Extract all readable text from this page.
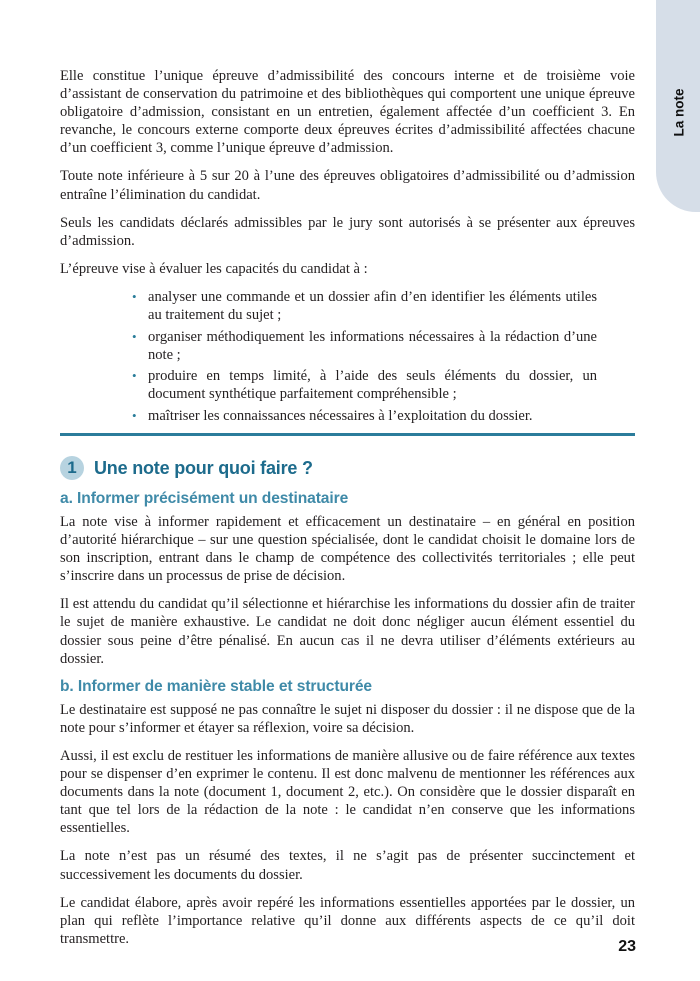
La note

Elle constitue l’unique épreuve d’admissibilité des concours interne et de troisième voie d’assistant de conservation du patrimoine et des bibliothèques qui comportent une unique épreuve obligatoire d’admission, consistant en un entretien, également affectée d’un coefficient 3. En revanche, le concours externe comporte deux épreuves écrites d’admissibilité affectées chacune d’un coefficient 3, comme l’unique épreuve d’admission.

Toute note inférieure à 5 sur 20 à l’une des épreuves obligatoires d’admissibilité ou d’admission entraîne l’élimination du candidat.

Seuls les candidats déclarés admissibles par le jury sont autorisés à se présenter aux épreuves d’admission.

L’épreuve vise à évaluer les capacités du candidat à :

• analyser une commande et un dossier afin d’en identifier les éléments utiles au traitement du sujet ;
• organiser méthodiquement les informations nécessaires à la rédaction d’une note ;
• produire en temps limité, à l’aide des seuls éléments du dossier, un document synthétique parfaitement compréhensible ;
• maîtriser les connaissances nécessaires à l’exploitation du dossier.
1 Une note pour quoi faire ?
a. Informer précisément un destinataire

La note vise à informer rapidement et efficacement un destinataire – en général en position d’autorité hiérarchique – sur une question spécialisée, dont le candidat choisit le domaine lors de son inscription, entrant dans le champ de compétence des collectivités territoriales ; elle peut s’inscrire dans un processus de prise de décision.

Il est attendu du candidat qu’il sélectionne et hiérarchise les informations du dossier afin de traiter le sujet de manière exhaustive. Le candidat ne doit donc négliger aucun élément essentiel du dossier sous peine d’être pénalisé. En aucun cas il ne devra utiliser d’éléments extérieurs au dossier.

b. Informer de manière stable et structurée

Le destinataire est supposé ne pas connaître le sujet ni disposer du dossier : il ne dispose que de la note pour s’informer et étayer sa réflexion, voire sa décision.

Aussi, il est exclu de restituer les informations de manière allusive ou de faire référence aux textes pour se dispenser d’en exprimer le contenu. Il est donc malvenu de mentionner les références aux documents dans la note (document 1, document 2, etc.). On considère que le dossier disparaît en tant que tel lors de la rédaction de la note : le candidat n’en conserve que les informations essentielles.

La note n’est pas un résumé des textes, il ne s’agit pas de présenter succinctement et successivement les documents du dossier.

Le candidat élabore, après avoir repéré les informations essentielles apportées par le dossier, un plan qui reflète l’importance relative qu’il donne aux différents aspects de ce qu’il doit transmettre.	23
